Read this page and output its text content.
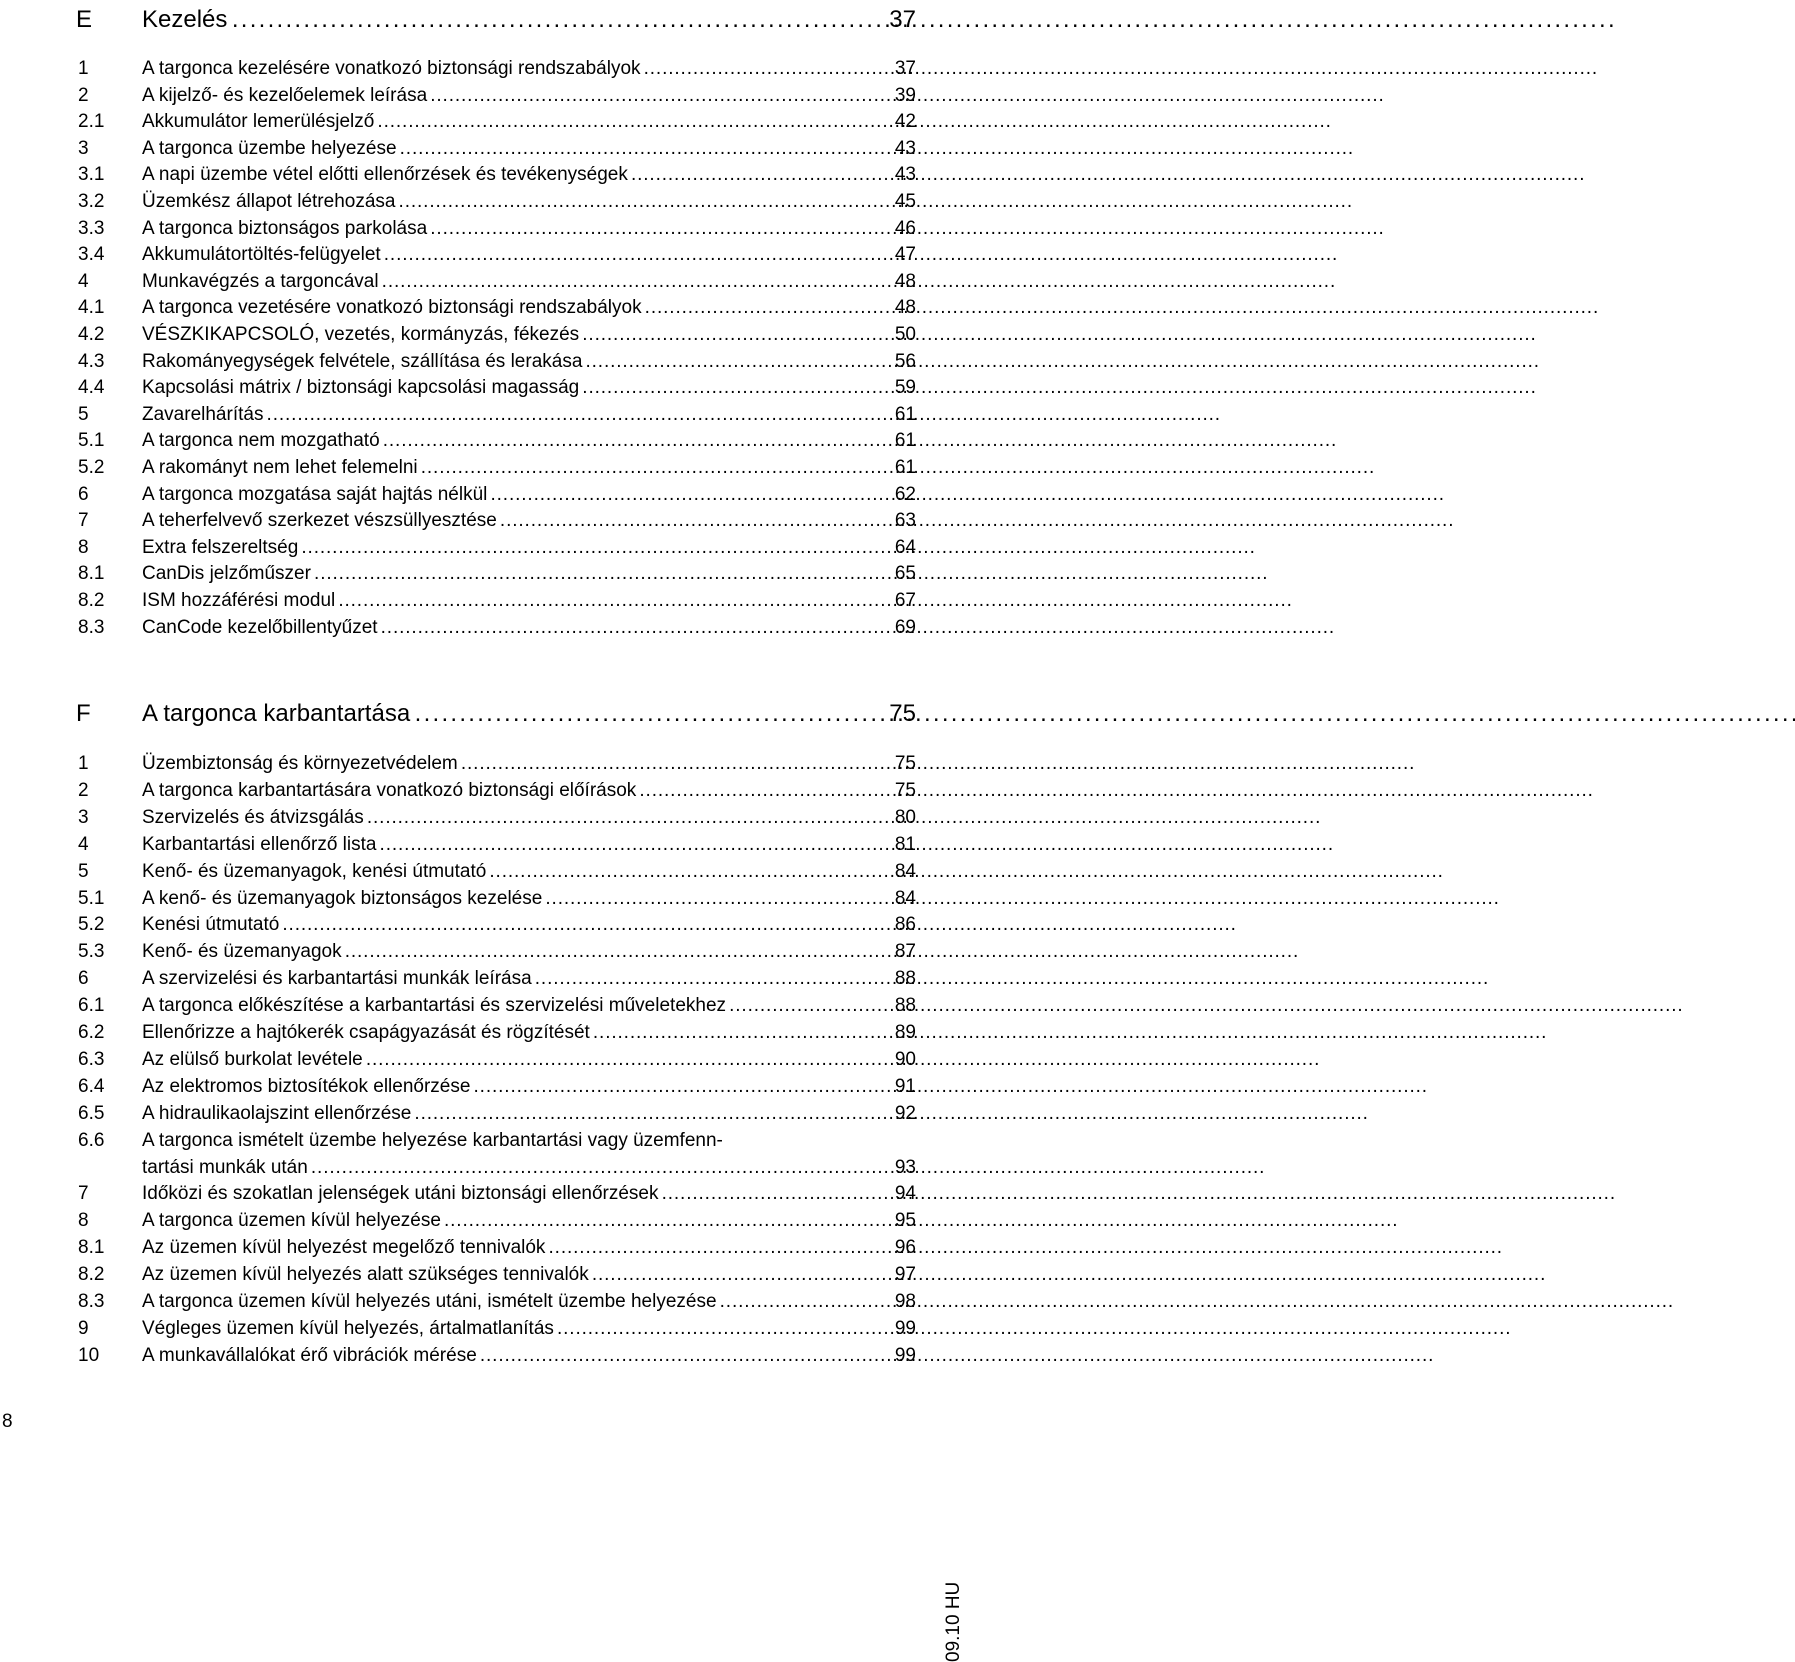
E Kezelés . . .	37
1	A targonca kezelésére vonatkozó biztonsági rendszabályok . . .	37
2	A kijelző- és kezelőelemek leírása . . .	39
2.1 Akkumulátor lemerülésjelző . . .	42
3	A targonca üzembe helyezése . . .	43
3.1 A napi üzembe vétel előtti ellenőrzések és tevékenységek . . .	43
3.2 Üzemkész állapot létrehozása . . .	45
3.3 A targonca biztonságos parkolása . . .	46
3.4 Akkumulátortöltés-felügyelet . . .	47
4	Munkavégzés a targoncával . . .	48
4.1 A targonca vezetésére vonatkozó biztonsági rendszabályok . . .	48
4.2 VÉSZKIKAPCSOLÓ, vezetés, kormányzás, fékezés . . .	50
4.3 Rakományegységek felvétele, szállítása és lerakása . . .	56
4.4 Kapcsolási mátrix / biztonsági kapcsolási magasság . . .	59
5	Zavarelhárítás . . .	61
5.1 A targonca nem mozgatható . . .	61
5.2 A rakományt nem lehet felemelni . . .	61
6	A targonca mozgatása saját hajtás nélkül . . .	62
7	A teherfelvevő szerkezet vészsüllyesztése . . .	63
8	Extra felszereltség . . .	64
8.1 CanDis jelzőműszer . . .	65
8.2 ISM hozzáférési modul . . .	67
8.3 CanCode kezelőbillentyűzet . . .	69
F A targonca karbantartása . . .	75
1	Üzembiztonság és környezetvédelem . . .	75
2	A targonca karbantartására vonatkozó biztonsági előírások . . .	75
3	Szervizelés és átvizsgálás . . .	80
4	Karbantartási ellenőrző lista . . .	81
5	Kenő- és üzemanyagok, kenési útmutató . . .	84
5.1 A kenő- és üzemanyagok biztonságos kezelése . . .	84
5.2 Kenési útmutató . . .	86
5.3 Kenő- és üzemanyagok . . .	87
6	A szervizelési és karbantartási munkák leírása . . .	88
6.1 A targonca előkészítése a karbantartási és szervizelési műveletekhez . . .	88
6.2 Ellenőrizze a hajtókerék csapágyazását és rögzítését . . .	89
6.3 Az elülső burkolat levétele . . .	90
6.4 Az elektromos biztosítékok ellenőrzése . . .	91
6.5 A hidraulikaolajszint ellenőrzése . . .	92
6.6 A targonca ismételt üzembe helyezése karbantartási vagy üzemfenn-
tartási munkák után . . .	93
7	Időközi és szokatlan jelenségek utáni biztonsági ellenőrzések . . .	94
8	A targonca üzemen kívül helyezése . . .	95
8.1 Az üzemen kívül helyezést megelőző tennivalók . . .	96
8.2 Az üzemen kívül helyezés alatt szükséges tennivalók . . .	97
8.3 A targonca üzemen kívül helyezés utáni, ismételt üzembe helyezése . . .	98
9	Végleges üzemen kívül helyezés, ártalmatlanítás . . .	99
10 A munkavállalókat érő vibrációk mérése . . .	99
09.10 HU
8
